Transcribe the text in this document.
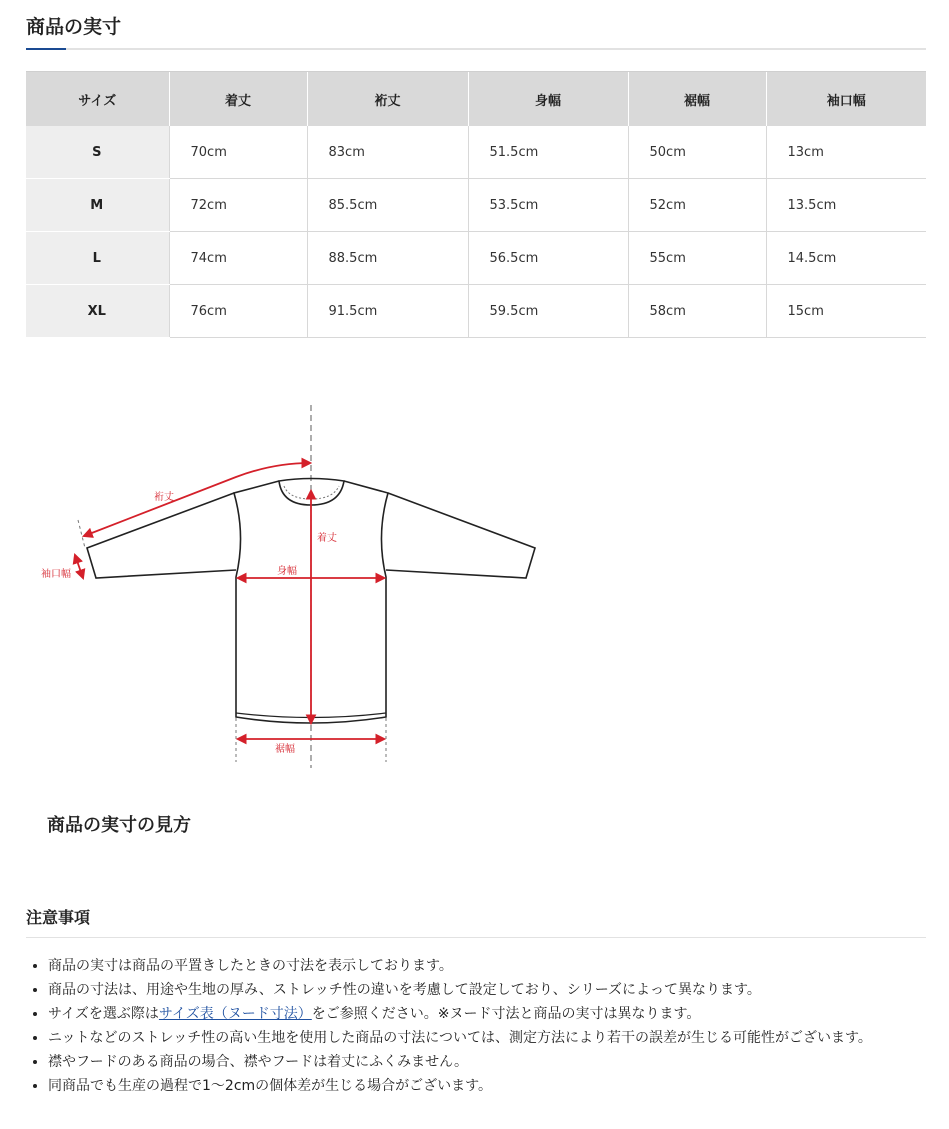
商品の実寸
サイズ	着丈	裄丈	身幅	裾幅	袖口幅
S	70cm	83cm	51.5cm	50cm	13cm
M	72cm	85.5cm	53.5cm	52cm	13.5cm
L	74cm	88.5cm	56.5cm	55cm	14.5cm
XL	76cm	91.5cm	59.5cm	58cm	15cm
裄丈
着丈
身幅
袖口幅
裾幅
商品の実寸の見方
注意事項
• 商品の実寸は商品の平置きしたときの寸法を表示しております。
• 商品の寸法は、用途や生地の厚み、ストレッチ性の違いを考慮して設定しており、シリーズによって異なります。
• サイズを選ぶ際はサイズ表（ヌード寸法）をご参照ください。※ヌード寸法と商品の実寸は異なります。
• ニットなどのストレッチ性の高い生地を使用した商品の寸法については、測定方法により若干の誤差が生じる可能性がございます。
• 襟やフードのある商品の場合、襟やフードは着丈にふくみません。
• 同商品でも生産の過程で1～2cmの個体差が生じる場合がございます。
